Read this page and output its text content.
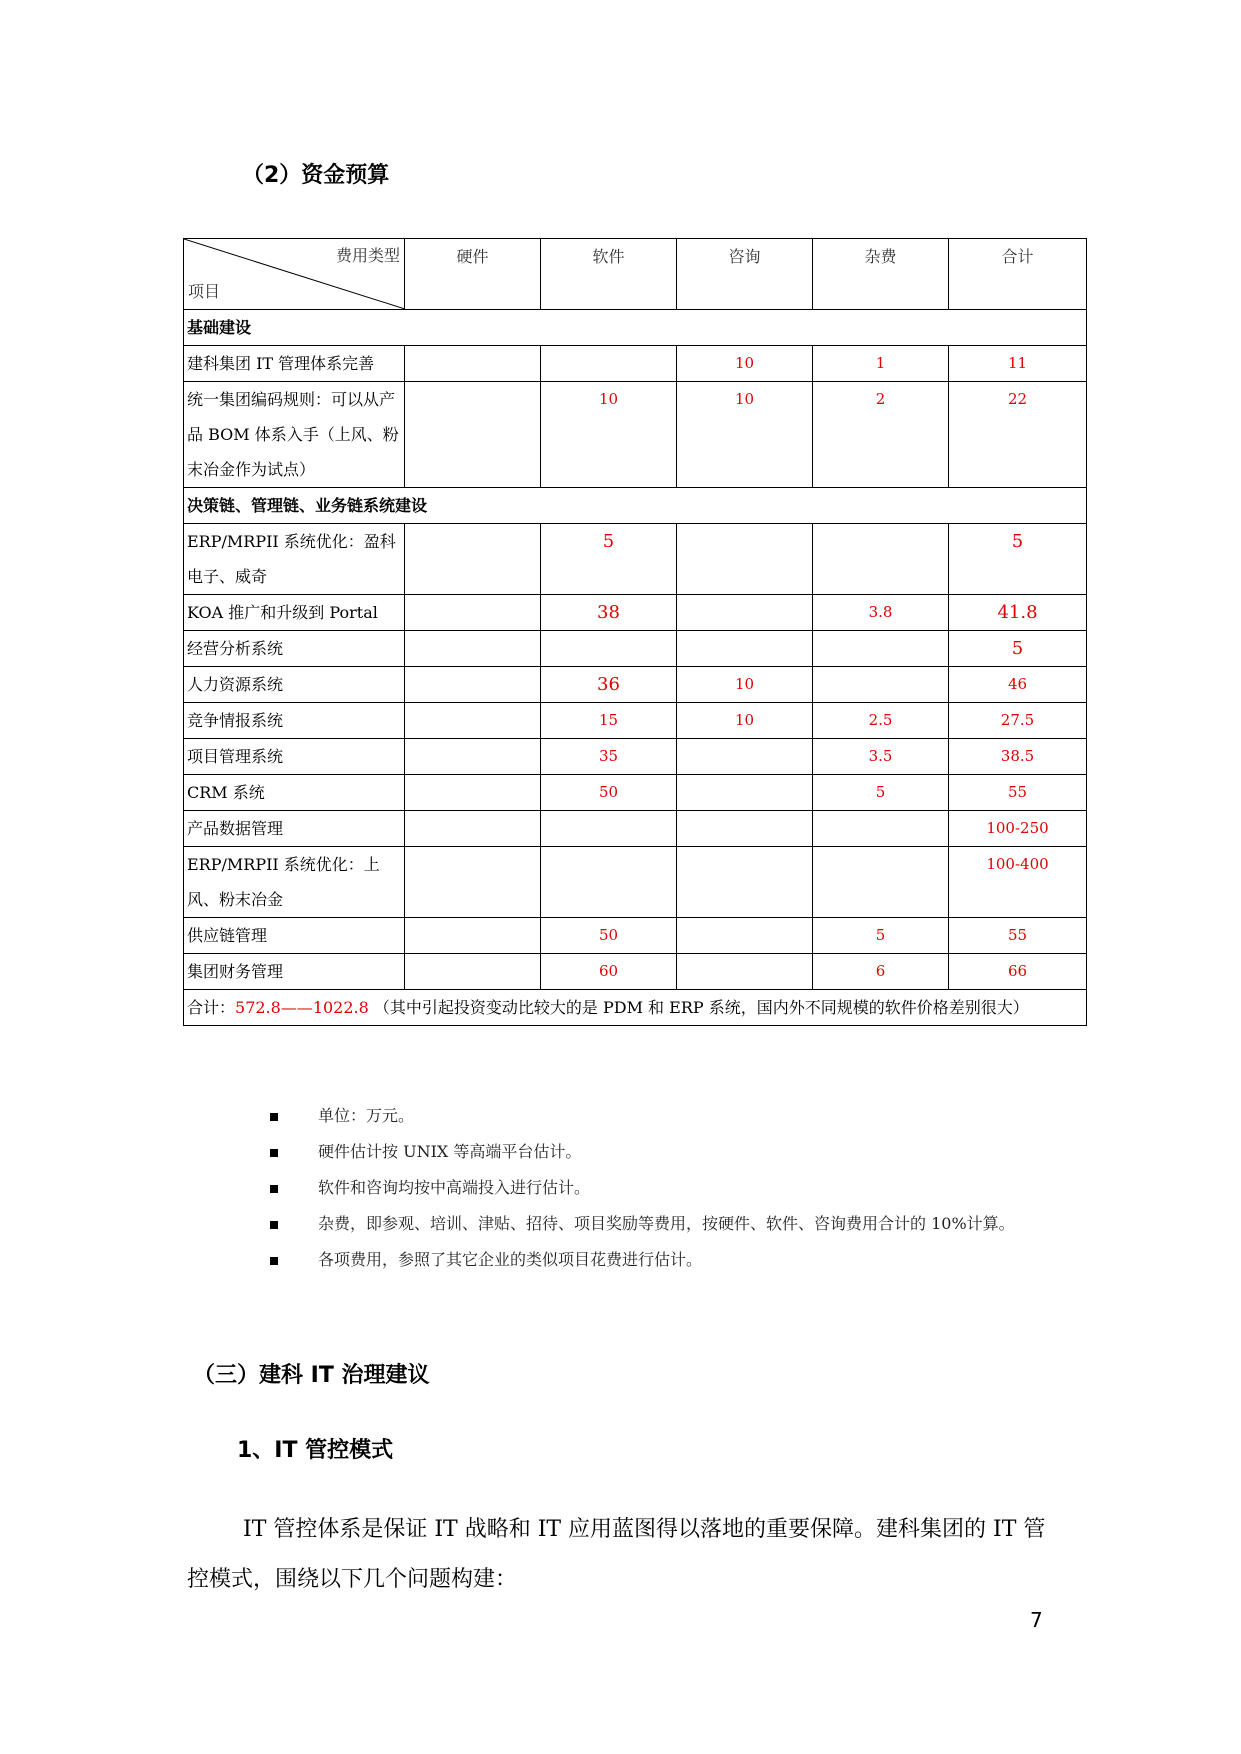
（2）资金预算
费用类型
项目	硬件	软件	咨询	杂费	合计
基础建设					
建科集团 IT 管理体系完善			10	1	11
统一集团编码规则：可以从产品 BOM 体系入手（上风、粉末冶金作为试点）		10	10	2	22
决策链、管理链、业务链系统建设					
ERP/MRPII 系统优化：盈科电子、威奇		5			5
KOA 推广和升级到 Portal		38		3.8	41.8
经营分析系统					5
人力资源系统		36	10		46
竞争情报系统		15	10	2.5	27.5
项目管理系统		35		3.5	38.5
CRM 系统		50		5	55
产品数据管理					100-250
ERP/MRPII 系统优化：上风、粉末冶金					100-400
供应链管理		50		5	55
集团财务管理		60		6	66
合计：572.8——1022.8 （其中引起投资变动比较大的是 PDM 和 ERP 系统，国内外不同规模的软件价格差别很大）					
单位：万元。
硬件估计按 UNIX 等高端平台估计。
软件和咨询均按中高端投入进行估计。
杂费，即参观、培训、津贴、招待、项目奖励等费用，按硬件、软件、咨询费用合计的 10%计算。
各项费用，参照了其它企业的类似项目花费进行估计。
（三）建科 IT 治理建议
1、IT 管控模式
IT 管控体系是保证 IT 战略和 IT 应用蓝图得以落地的重要保障。建科集团的 IT 管控模式，围绕以下几个问题构建：
7
